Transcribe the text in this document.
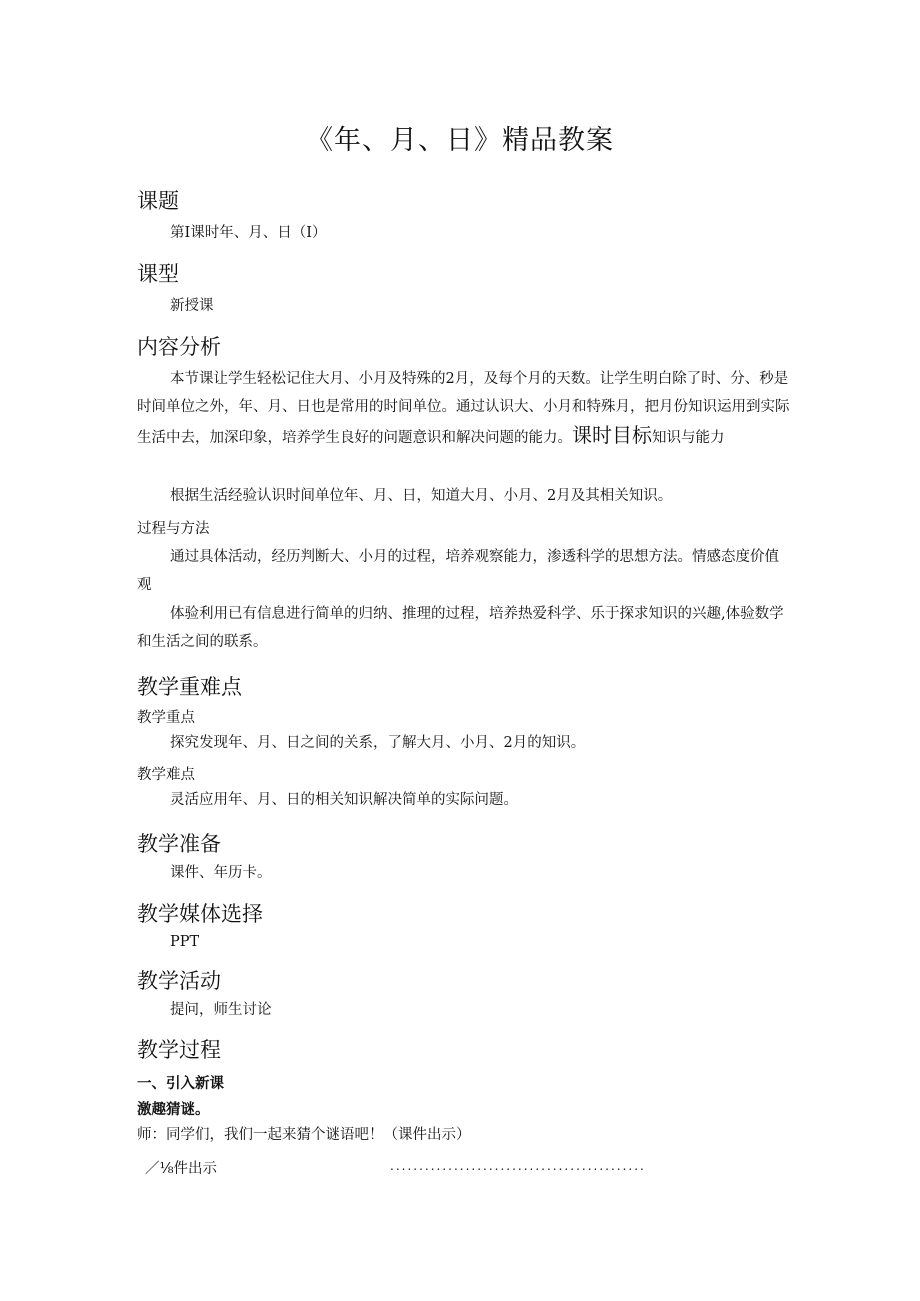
《年、月、日》精品教案
课题
第Ⅰ课时年、月、日（Ⅰ）
课型
新授课
内容分析
本节课让学生轻松记住大月、小月及特殊的2月，及每个月的天数。让学生明白除了时、分、秒是时间单位之外，年、月、日也是常用的时间单位。通过认识大、小月和特殊月，把月份知识运用到实际生活中去，加深印象，培养学生良好的问题意识和解决问题的能力。课时目标知识与能力
根据生活经验认识时间单位年、月、日，知道大月、小月、2月及其相关知识。
过程与方法
通过具体活动，经历判断大、小月的过程，培养观察能力，渗透科学的思想方法。情感态度价值观
体验利用已有信息进行简单的归纳、推理的过程，培养热爱科学、乐于探求知识的兴趣,体验数学和生活之间的联系。
教学重难点
教学重点
探究发现年、月、日之间的关系，了解大月、小月、2月的知识。
教学难点
灵活应用年、月、日的相关知识解决简单的实际问题。
教学准备
课件、年历卡。
教学媒体选择
PPT
教学活动
提问，师生讨论
教学过程
一、引入新课
激趣猜谜。
师：同学们，我们一起来猜个谜语吧！（课件出示）
／⅛件出示	............................................
